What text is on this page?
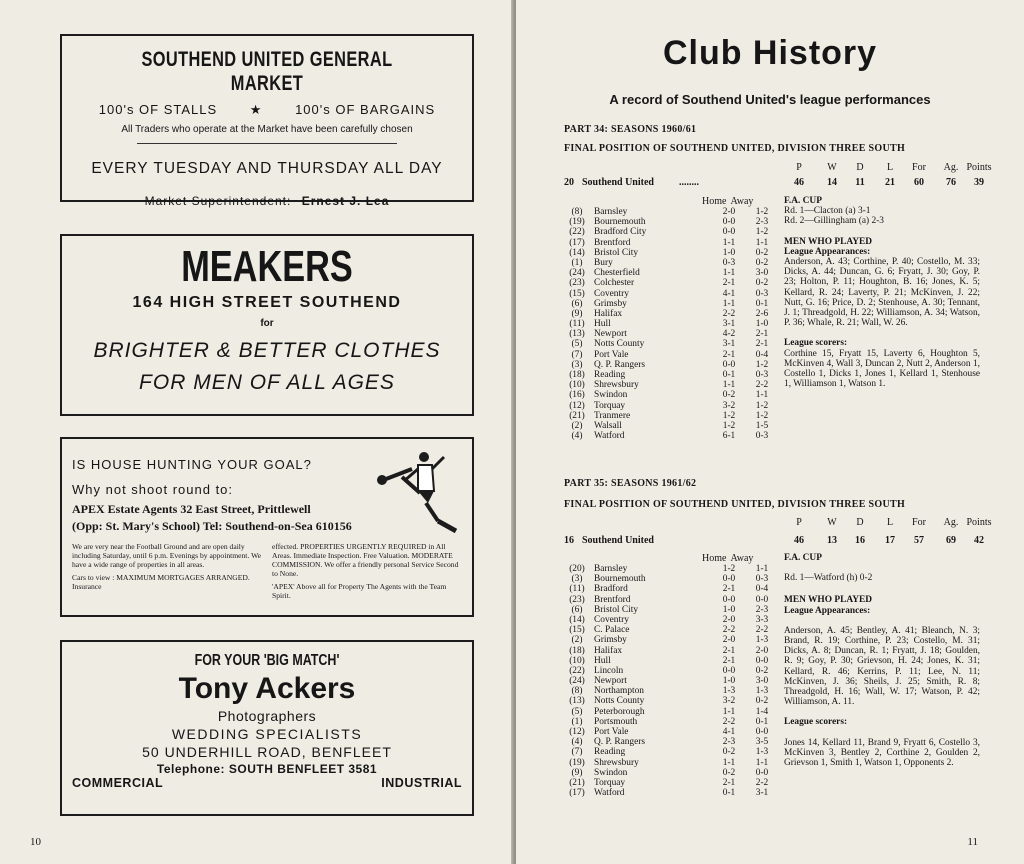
SOUTHEND UNITED GENERAL MARKET
100's OF STALLS	★	100's OF BARGAINS
All Traders who operate at the Market have been carefully chosen
EVERY TUESDAY AND THURSDAY ALL DAY
Market Superintendent: Ernest J. Lea
MEAKERS
164 HIGH STREET SOUTHEND
for
BRIGHTER & BETTER CLOTHES
FOR MEN OF ALL AGES
IS HOUSE HUNTING YOUR GOAL?
Why not shoot round to:
APEX Estate Agents 32 East Street, Prittlewell
(Opp: St. Mary's School) Tel: Southend-on-Sea 610156

We are very near the Football Ground and are open daily including Saturday, until 6 p.m. Evenings by appointment. We have a wide range of properties in all areas.

Cars to view : MAXIMUM MORTGAGES ARRANGED. Insurance

effected. PROPERTIES URGENTLY REQUIRED in All Areas. Immediate Inspection. Free Valuation. MODERATE COMMISSION. We offer a friendly personal Service Second to None.

'APEX' Above all for Property The Agents with the Team Spirit.

FOR YOUR 'BIG MATCH'
Tony Ackers
Photographers
WEDDING SPECIALISTS
50 UNDERHILL ROAD, BENFLEET
Telephone: SOUTH BENFLEET 3581
COMMERCIAL	INDUSTRIAL
10
Club History
A record of Southend United's league performances
PART 34: SEASONS 1960/61
FINAL POSITION OF SOUTHEND UNITED, DIVISION THREE SOUTH
P	W	D	L	For	Ag. Points
20 Southend United	........	46	14	11	21	60	76	39
Home Away
(8)	Barnsley	2-0	1-2
(19) Bournemouth	0-0	2-3
(22) Bradford City	0-0	1-2
(17) Brentford	1-1	1-1
(14) Bristol City	1-0	0-2
(1)	Bury	0-3	0-2
(24) Chesterfield	1-1	3-0
(23) Colchester	2-1	0-2
(15) Coventry	4-1	0-3
(6)	Grimsby	1-1	0-1
(9)	Halifax	2-2	2-6
(11) Hull	3-1	1-0
(13) Newport	4-2	2-1
(5)	Notts County	3-1	2-1
(7)	Port Vale	2-1	0-4
(3)	Q. P. Rangers	0-0	1-2
(18) Reading	0-1	0-3
(10) Shrewsbury	1-1	2-2
(16) Swindon	0-2	1-1
(12) Torquay	3-2	1-2
(21) Tranmere	1-2	1-2
(2)	Walsall	1-2	1-5
(4)	Watford	6-1	0-3
F.A. CUP
Rd. 1—Clacton (a) 3-1
Rd. 2—Gillingham (a) 2-3
MEN WHO PLAYED
League Appearances:
Anderson, A. 43; Corthine, P. 40; Costello, M. 33; Dicks, A. 44; Duncan, G. 6; Fryatt, J. 30; Goy, P. 23; Holton, P. 11; Houghton, B. 16; Jones, K. 5; Kellard, R. 24; Laverty, P. 21; McKinven, J. 22; Nutt, G. 16; Price, D. 2; Stenhouse, A. 30; Tennant, J. 1; Threadgold, H. 22; Williamson, A. 34; Watson, P. 36; Whale, R. 21; Wall, W. 26.
League scorers:
Corthine 15, Fryatt 15, Laverty 6, Houghton 5, McKinven 4, Wall 3, Duncan 2, Nutt 2, Anderson 1, Costello 1, Dicks 1, Jones 1, Kellard 1, Stenhouse 1, Williamson 1, Watson 1.
PART 35: SEASONS 1961/62
FINAL POSITION OF SOUTHEND UNITED, DIVISION THREE SOUTH
P	W	D	L	For	Ag. Points
16 Southend United	46	13	16	17	57	69	42
Home Away
(20) Barnsley	1-2	1-1
(3)	Bournemouth	0-0	0-3
(11) Bradford	2-1	0-4
(23) Brentford	0-0	0-0
(6)	Bristol City	1-0	2-3
(14) Coventry	2-0	3-3
(15) C. Palace	2-2	2-2
(2)	Grimsby	2-0	1-3
(18) Halifax	2-1	2-0
(10) Hull	2-1	0-0
(22) Lincoln	0-0	0-2
(24) Newport	1-0	3-0
(8)	Northampton	1-3	1-3
(13) Notts County	3-2	0-2
(5)	Peterborough	1-1	1-4
(1)	Portsmouth	2-2	0-1
(12) Port Vale	4-1	0-0
(4)	Q. P. Rangers	2-3	3-5
(7)	Reading	0-2	1-3
(19) Shrewsbury	1-1	1-1
(9)	Swindon	0-2	0-0
(21) Torquay	2-1	2-2
(17) Watford	0-1	3-1
F.A. CUP
Rd. 1—Watford (h) 0-2
MEN WHO PLAYED
League Appearances:
Anderson, A. 45; Bentley, A. 41; Bleanch, N. 3; Brand, R. 19; Corthine, P. 23; Costello, M. 31; Dicks, A. 8; Duncan, R. 1; Fryatt, J. 18; Goulden, R. 9; Goy, P. 30; Grievson, H. 24; Jones, K. 31; Kellard, R. 46; Kerrins, P. 11; Lee, N. 11; McKinven, J. 36; Sheils, J. 25; Smith, R. 8; Threadgold, H. 16; Wall, W. 17; Watson, P. 42; Williamson, A. 11.
League scorers:
Jones 14, Kellard 11, Brand 9, Fryatt 6, Costello 3, McKinven 3, Bentley 2, Corthine 2, Goulden 2, Grievson 1, Smith 1, Watson 1, Opponents 2.
11
